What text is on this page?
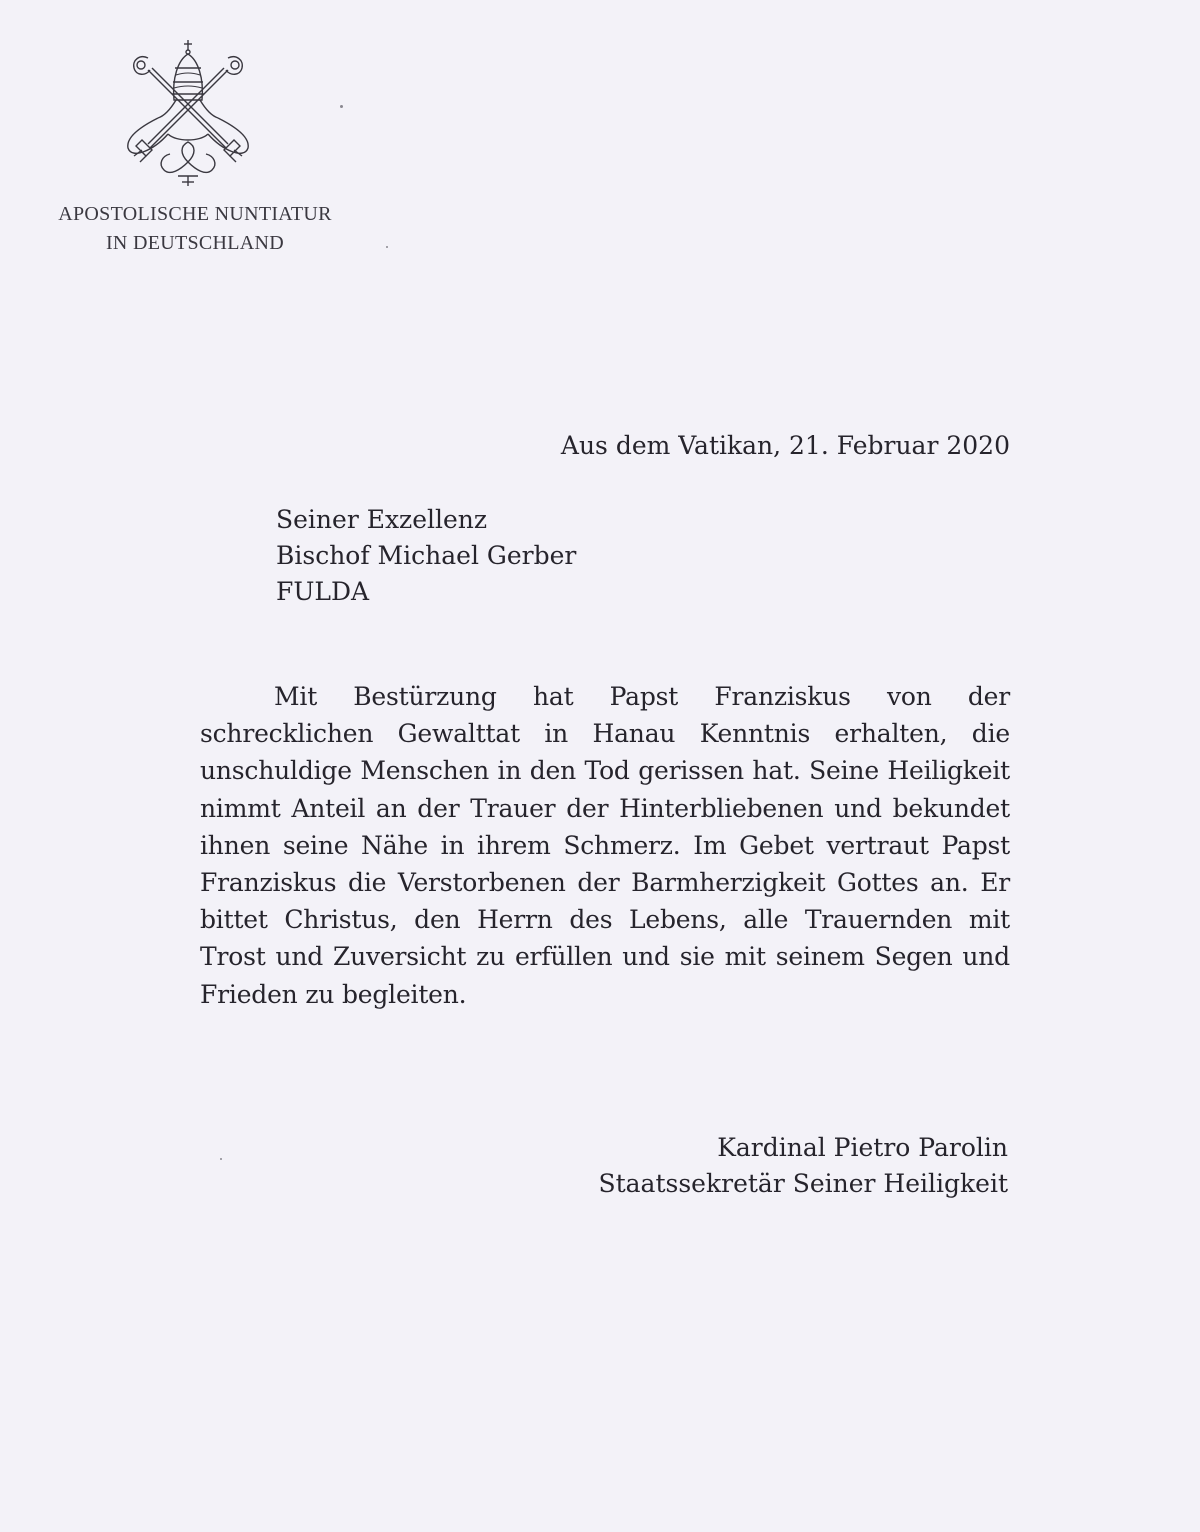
APOSTOLISCHE NUNTIATUR
IN DEUTSCHLAND
Aus dem Vatikan, 21. Februar 2020
Seiner Exzellenz
Bischof Michael Gerber
FULDA

Mit Bestürzung hat Papst Franziskus von der schrecklichen Gewalttat in Hanau Kenntnis erhalten, die unschuldige Menschen in den Tod gerissen hat. Seine Heiligkeit nimmt Anteil an der Trauer der Hinterbliebenen und bekundet ihnen seine Nähe in ihrem Schmerz. Im Gebet vertraut Papst Franziskus die Verstorbenen der Barmherzigkeit Gottes an. Er bittet Christus, den Herrn des Lebens, alle Trauernden mit Trost und Zuversicht zu erfüllen und sie mit seinem Segen und Frieden zu begleiten.

Kardinal Pietro Parolin
Staatssekretär Seiner Heiligkeit
